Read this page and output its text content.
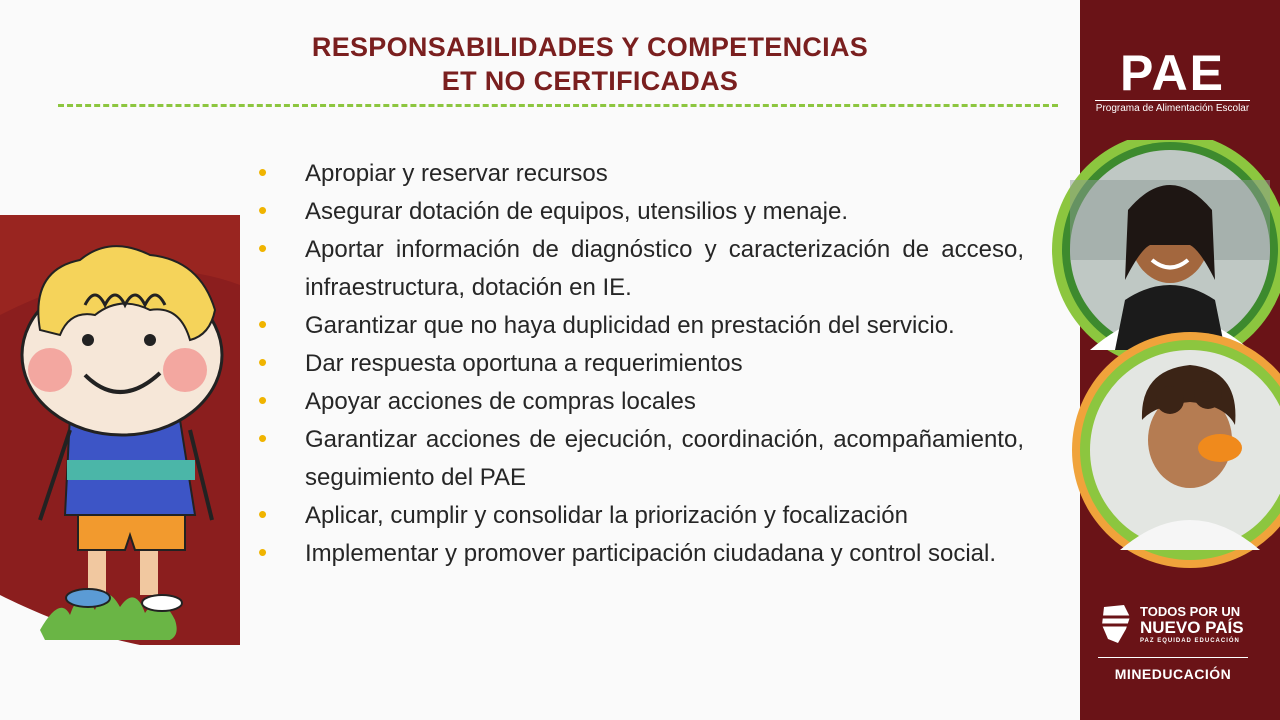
RESPONSABILIDADES Y COMPETENCIAS
ET NO CERTIFICADAS
• Apropiar y reservar recursos
• Asegurar dotación de equipos, utensilios y menaje.
• Aportar información de diagnóstico y caracterización de acceso, infraestructura, dotación en IE.
• Garantizar que no haya duplicidad en prestación del servicio.
• Dar respuesta oportuna a requerimientos
• Apoyar acciones de compras locales
• Garantizar acciones de ejecución, coordinación, acompañamiento, seguimiento del PAE
• Aplicar, cumplir y consolidar la priorización y focalización
• Implementar y promover participación ciudadana y control social.
PAE
Programa de Alimentación Escolar
TODOS POR UN
NUEVO PAÍS
PAZ EQUIDAD EDUCACIÓN
MINEDUCACIÓN
